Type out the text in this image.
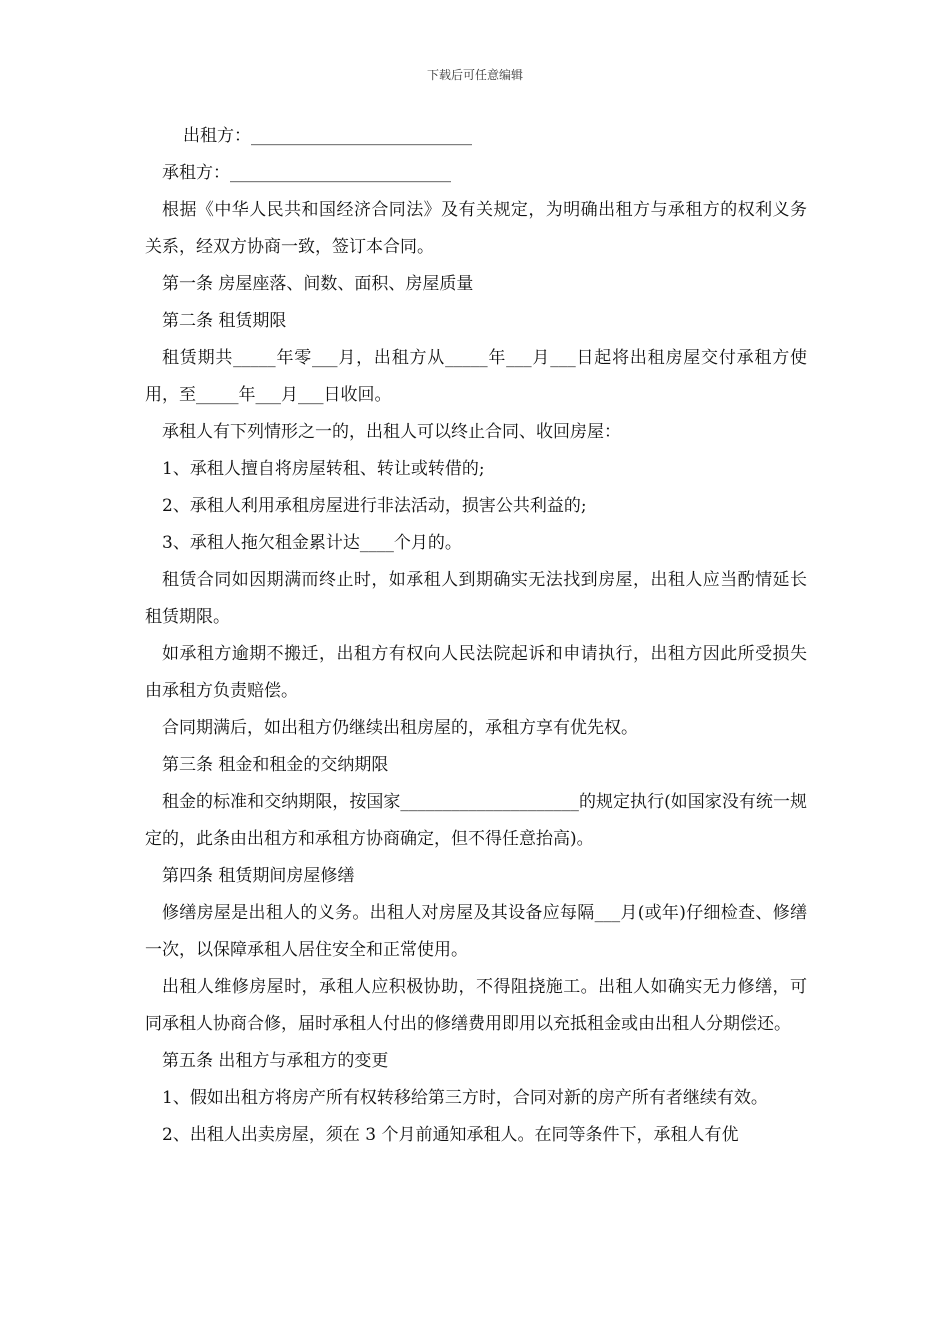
下载后可任意编辑

出租方：__________________________

承租方：__________________________

根据《中华人民共和国经济合同法》及有关规定，为明确出租方与承租方的权利义务关系，经双方协商一致，签订本合同。

第一条 房屋座落、间数、面积、房屋质量

第二条 租赁期限

租赁期共_____年零___月，出租方从_____年___月___日起将出租房屋交付承租方使用，至_____年___月___日收回。

承租人有下列情形之一的，出租人可以终止合同、收回房屋：

1、承租人擅自将房屋转租、转让或转借的;

2、承租人利用承租房屋进行非法活动，损害公共利益的;

3、承租人拖欠租金累计达____个月的。

租赁合同如因期满而终止时，如承租人到期确实无法找到房屋，出租人应当酌情延长租赁期限。

如承租方逾期不搬迁，出租方有权向人民法院起诉和申请执行，出租方因此所受损失由承租方负责赔偿。

合同期满后，如出租方仍继续出租房屋的，承租方享有优先权。

第三条 租金和租金的交纳期限

租金的标准和交纳期限，按国家_____________________的规定执行(如国家没有统一规定的，此条由出租方和承租方协商确定，但不得任意抬高)。

第四条 租赁期间房屋修缮

修缮房屋是出租人的义务。出租人对房屋及其设备应每隔___月(或年)仔细检查、修缮一次，以保障承租人居住安全和正常使用。

出租人维修房屋时，承租人应积极协助，不得阻挠施工。出租人如确实无力修缮，可同承租人协商合修，届时承租人付出的修缮费用即用以充抵租金或由出租人分期偿还。

第五条 出租方与承租方的变更

1、假如出租方将房产所有权转移给第三方时，合同对新的房产所有者继续有效。

2、出租人出卖房屋，须在 3 个月前通知承租人。在同等条件下，承租人有优
